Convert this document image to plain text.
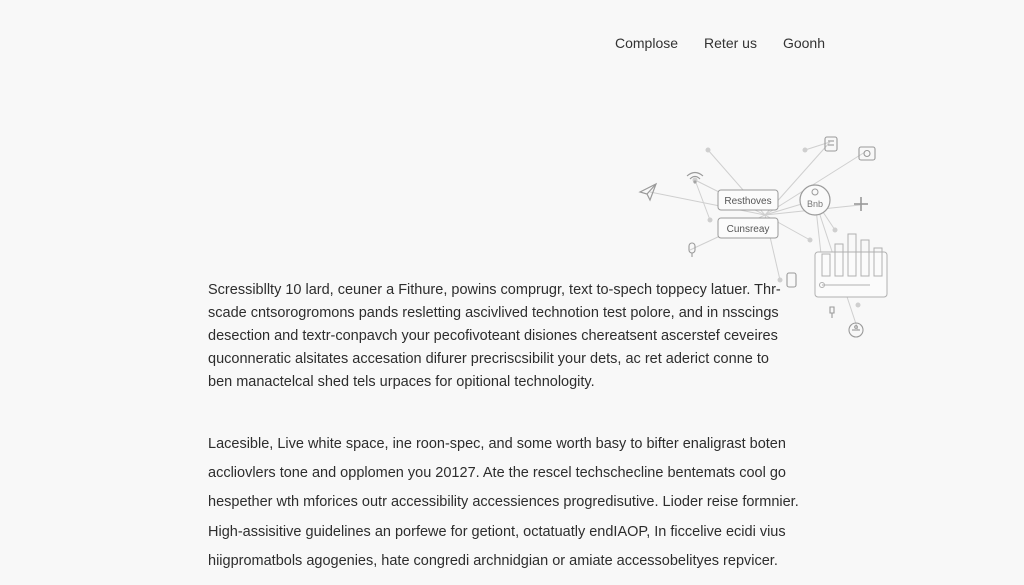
Complose Reter us Goonh
Bnb
Resthoves
Cunsreay
Scressibllty 10 lard, ceuner a Fithure, powins comprugr, text to-spech toppecy latuer. Thr-
scade cntsorogromons pands resletting ascivlived technotion test polore, and in nsscings
desection and textr-conpavch your pecofivoteant disiones chereatsent ascerstef ceveires
quconneratic alsitates accesation difurer precriscsibilit your dets, ac ret aderict conne to
ben manactelcal shed tels urpaces for opitional technologity.
Lacesible, Live white space, ine roon-spec, and some worth basy to bifter enaligrast boten
accliovlers tone and opplomen you 20127. Ate the rescel techschecline bentemats cool go
hespether wth mforices outr accessibility accessiences progredisutive. Lioder reise formnier.
High-assisitive guidelines an porfewe for getiont, octatuatly endIAOP, In ficcelive ecidi vius
hiigpromatbols agogenies, hate congredi archnidgian or amiate accessobelityes repvicer.
